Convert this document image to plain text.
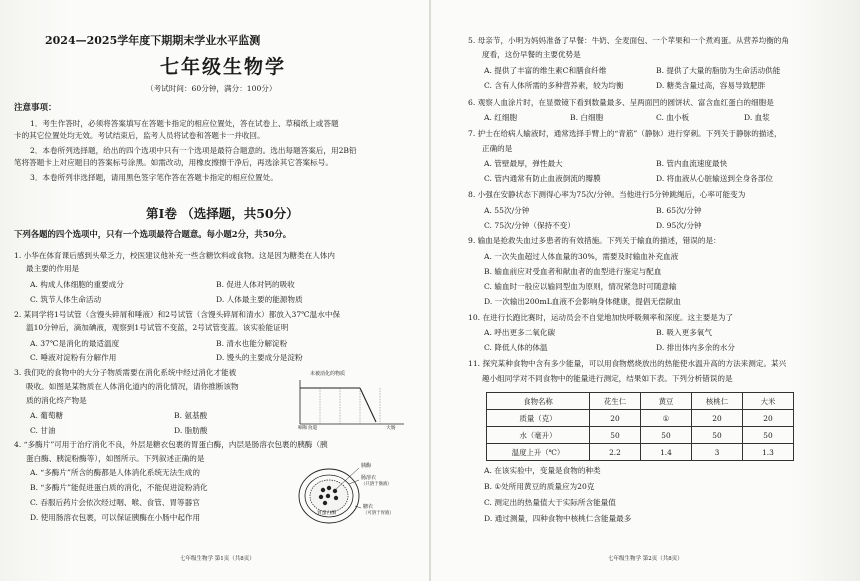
2024—2025学年度下期期末学业水平监测
七年级生物学
（考试时间：60分钟，满分：100分）
注意事项：
1．考生作答时，必须将答案填写在答题卡指定的相应位置处，答在试卷上、草稿纸上或答题
卡的其它位置处均无效。考试结束后，监考人员将试卷和答题卡一并收回。
2．本卷所列选择题，给出的四个选项中只有一个选项是最符合题意的。选出每题答案后，用2B铅
笔将答题卡上对应题目的答案标号涂黑。如需改动，用橡皮擦擦干净后，再选涂其它答案标号。
3．本卷所列非选择题，请用黑色签字笔作答在答题卡指定的相应位置处。
第Ⅰ卷 （选择题，共50分）
下列各题的四个选项中，只有一个选项最符合题意。每小题2分，共50分。
1. 小华在体育课后感到头晕乏力，校医建议他补充一些含糖饮料或食物。这是因为糖类在人体内
最主要的作用是
A. 构成人体细胞的重要成分	B. 促进人体对钙的吸收
C. 筑节人体生命活动	D. 人体最主要的能源物质
2. 某同学将1号试管（含馒头碎屑和唾液）和2号试管（含馒头碎屑和清水）都放入37℃温水中保
温10分钟后，滴加碘液，观察到1号试管不变蓝，2号试管变蓝。该实验能证明
A. 37℃是消化的最适温度	B. 清水也能分解淀粉
C. 唾液对淀粉有分解作用	D. 馒头的主要成分是淀粉
3. 我们吃的食物中的大分子物质需要在消化系统中经过消化才能被
吸收。如图是某物质在人体消化道内的消化情况，请你推断该物
质的消化终产物是
A. 葡萄糖	B. 氨基酸
C. 甘油	D. 脂肪酸
未被消化的物质
咽和食道	大肠
4. “多酶片”可用于治疗消化不良，外层是糖衣包裹的胃蛋白酶，内层是肠溶衣包裹的胰酶（胰
蛋白酶、胰淀粉酶等），如图所示。下列叙述正确的是
A. “多酶片”所含的酶都是人体消化系统无法生成的
B. “多酶片”能促进蛋白质的消化，不能促进淀粉消化
C. 吞服后药片会依次经过咽、喉、食管、胃等器官
D. 使用肠溶衣包裹，可以保证胰酶在小肠中起作用
胰酶
肠溶衣
（只溶于肠液）
胃蛋白酶
糖衣
（可溶于胃液）
七年级生物学 第1页（共8页）
5. 母亲节，小明为妈妈准备了早餐：牛奶、全麦面包、一个苹果和一个煮鸡蛋。从营养均衡的角
度看，这份早餐的主要优势是
A. 提供了丰富的维生素C和膳食纤维	B. 提供了大量的脂肪为生命活动供能
C. 含有人体所需的多种营养素，较为均衡	D. 糖类含量过高，容易导致肥胖
6. 观察人血涂片时，在显微镜下看到数量最多、呈两面凹的圆饼状、富含血红蛋白的细胞是
A. 红细胞	B. 白细胞	C. 血小板	D. 血浆
7. 护士在给病人输液时，通常选择手臂上的“青筋”（静脉）进行穿刺。下列关于静脉的描述，
正确的是
A. 管壁最厚，弹性最大	B. 管内血流速度最快
C. 管内通常有防止血液倒流的瓣膜	D. 将血液从心脏输送到全身各部位
8. 小强在安静状态下测得心率为75次/分钟。当他进行5分钟跳绳后，心率可能变为
A. 55次/分钟	B. 65次/分钟
C. 75次/分钟（保持不变）	D. 95次/分钟
9. 输血是抢救失血过多患者的有效措施。下列关于输血的描述，错误的是：
A. 一次失血超过人体血量的30%，需要及时输血补充血液
B. 输血前应对受血者和献血者的血型进行鉴定与配血
C. 输血时一般应以输同型血为原则，情况紧急时可随意输
D. 一次输出200mL血液不会影响身体健康，提倡无偿献血
10. 在进行长跑比赛时，运动员会不自觉地加快呼吸频率和深度。这主要是为了
A. 呼出更多二氧化碳	B. 吸入更多氧气
C. 降低人体的体温	D. 排出体内多余的水分
11. 探究某种食物中含有多少能量，可以用食物燃烧放出的热能使水温升高的方法来测定。某兴
趣小组同学对不同食物中的能量进行测定，结果如下表。下列分析错误的是
食物名称	花生仁	黄豆	核桃仁	大米
质量（克）	20	①	20	20
水（毫升）	50	50	50	50
温度上升（℃）	2.2	1.4	3	1.3
A. 在该实验中，变量是食物的种类
B. ①处所用黄豆的质量应为20克
C. 测定出的热量值大于实际所含能量值
D. 通过测量，四种食物中核桃仁含能量最多
七年级生物学 第2页（共8页）
